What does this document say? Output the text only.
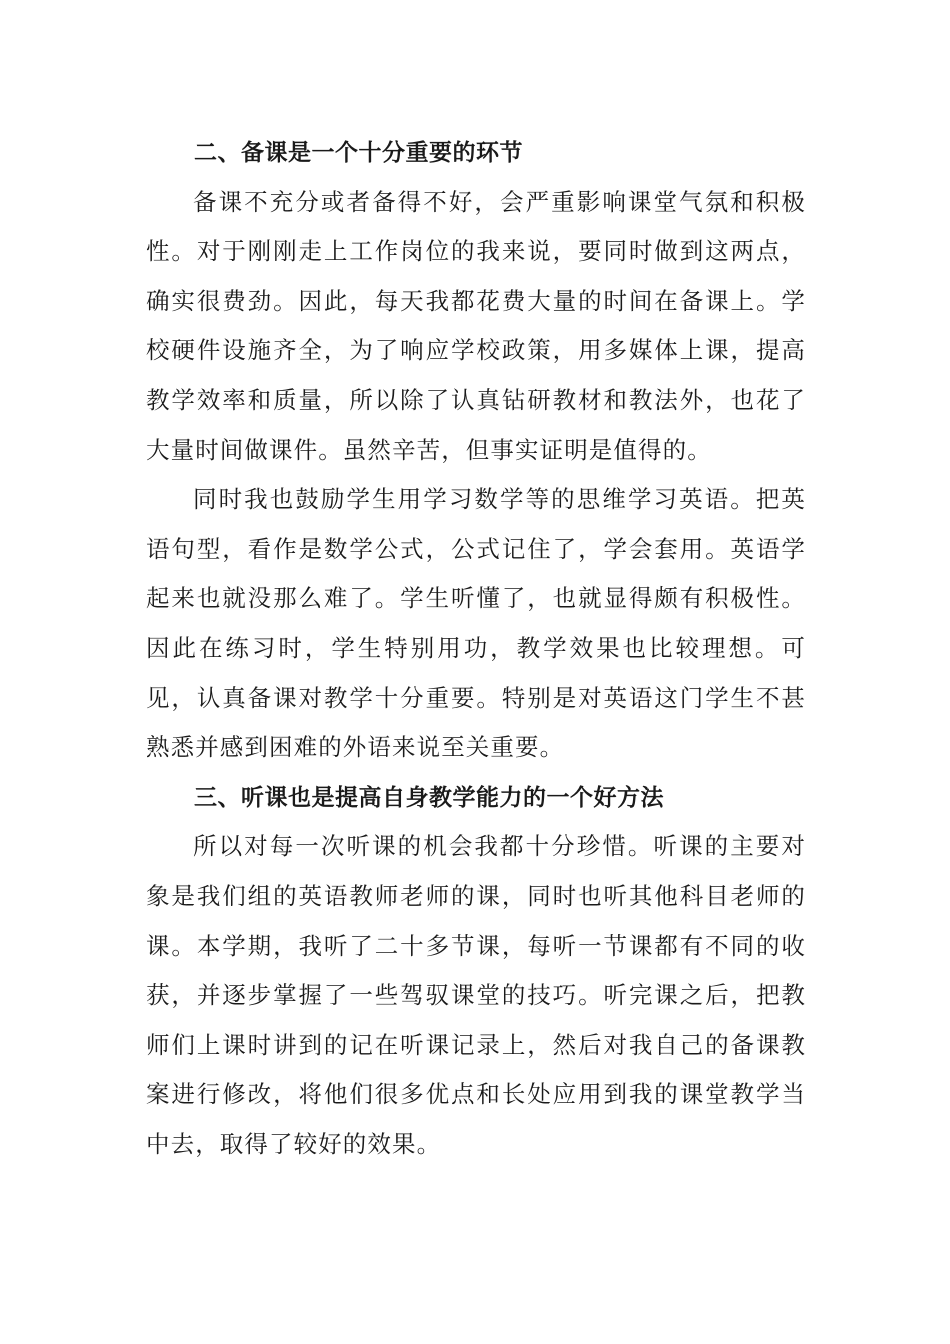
二、备课是一个十分重要的环节

备课不充分或者备得不好，会严重影响课堂气氛和积极性。对于刚刚走上工作岗位的我来说，要同时做到这两点，确实很费劲。因此，每天我都花费大量的时间在备课上。学校硬件设施齐全，为了响应学校政策，用多媒体上课，提高教学效率和质量，所以除了认真钻研教材和教法外，也花了大量时间做课件。虽然辛苦，但事实证明是值得的。

同时我也鼓励学生用学习数学等的思维学习英语。把英语句型，看作是数学公式，公式记住了，学会套用。英语学起来也就没那么难了。学生听懂了，也就显得颇有积极性。因此在练习时，学生特别用功，教学效果也比较理想。可见，认真备课对教学十分重要。特别是对英语这门学生不甚熟悉并感到困难的外语来说至关重要。

三、听课也是提高自身教学能力的一个好方法

所以对每一次听课的机会我都十分珍惜。听课的主要对象是我们组的英语教师老师的课，同时也听其他科目老师的课。本学期，我听了二十多节课，每听一节课都有不同的收获，并逐步掌握了一些驾驭课堂的技巧。听完课之后，把教师们上课时讲到的记在听课记录上，然后对我自己的备课教案进行修改，将他们很多优点和长处应用到我的课堂教学当中去，取得了较好的效果。
